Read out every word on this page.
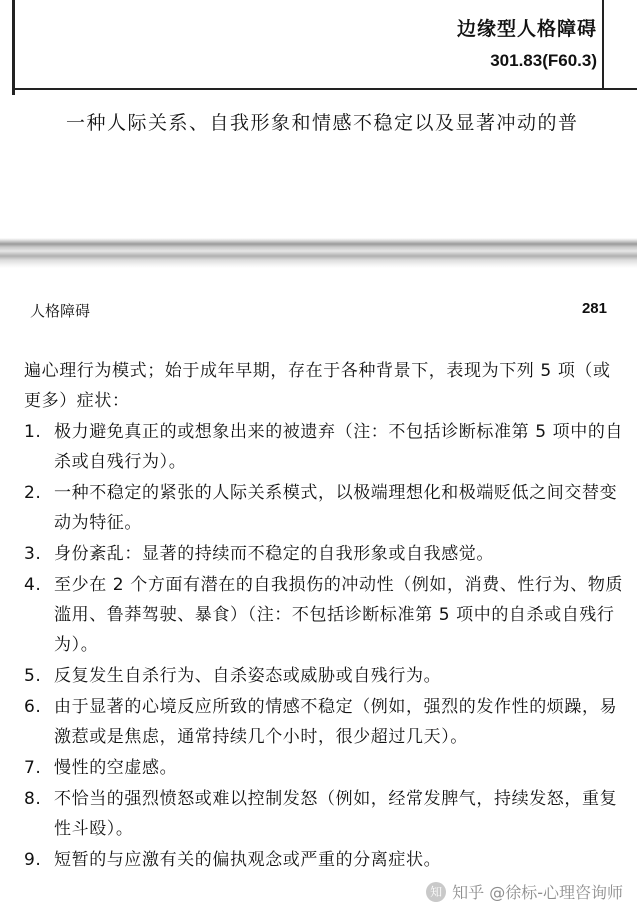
边缘型人格障碍
301.83(F60.3)
一种人际关系、自我形象和情感不稳定以及显著冲动的普
人格障碍	281
遍心理行为模式；始于成年早期，存在于各种背景下，表现为下列 5 项（或更多）症状：
1. 极力避免真正的或想象出来的被遗弃（注：不包括诊断标准第 5 项中的自杀或自残行为）。
2. 一种不稳定的紧张的人际关系模式，以极端理想化和极端贬低之间交替变动为特征。
3. 身份紊乱：显著的持续而不稳定的自我形象或自我感觉。
4. 至少在 2 个方面有潜在的自我损伤的冲动性（例如，消费、性行为、物质滥用、鲁莽驾驶、暴食）（注：不包括诊断标准第 5 项中的自杀或自残行为）。
5. 反复发生自杀行为、自杀姿态或威胁或自残行为。
6. 由于显著的心境反应所致的情感不稳定（例如，强烈的发作性的烦躁，易激惹或是焦虑，通常持续几个小时，很少超过几天）。
7. 慢性的空虚感。
8. 不恰当的强烈愤怒或难以控制发怒（例如，经常发脾气，持续发怒，重复性斗殴）。
9. 短暂的与应激有关的偏执观念或严重的分离症状。
知 知乎 @徐标-心理咨询师
